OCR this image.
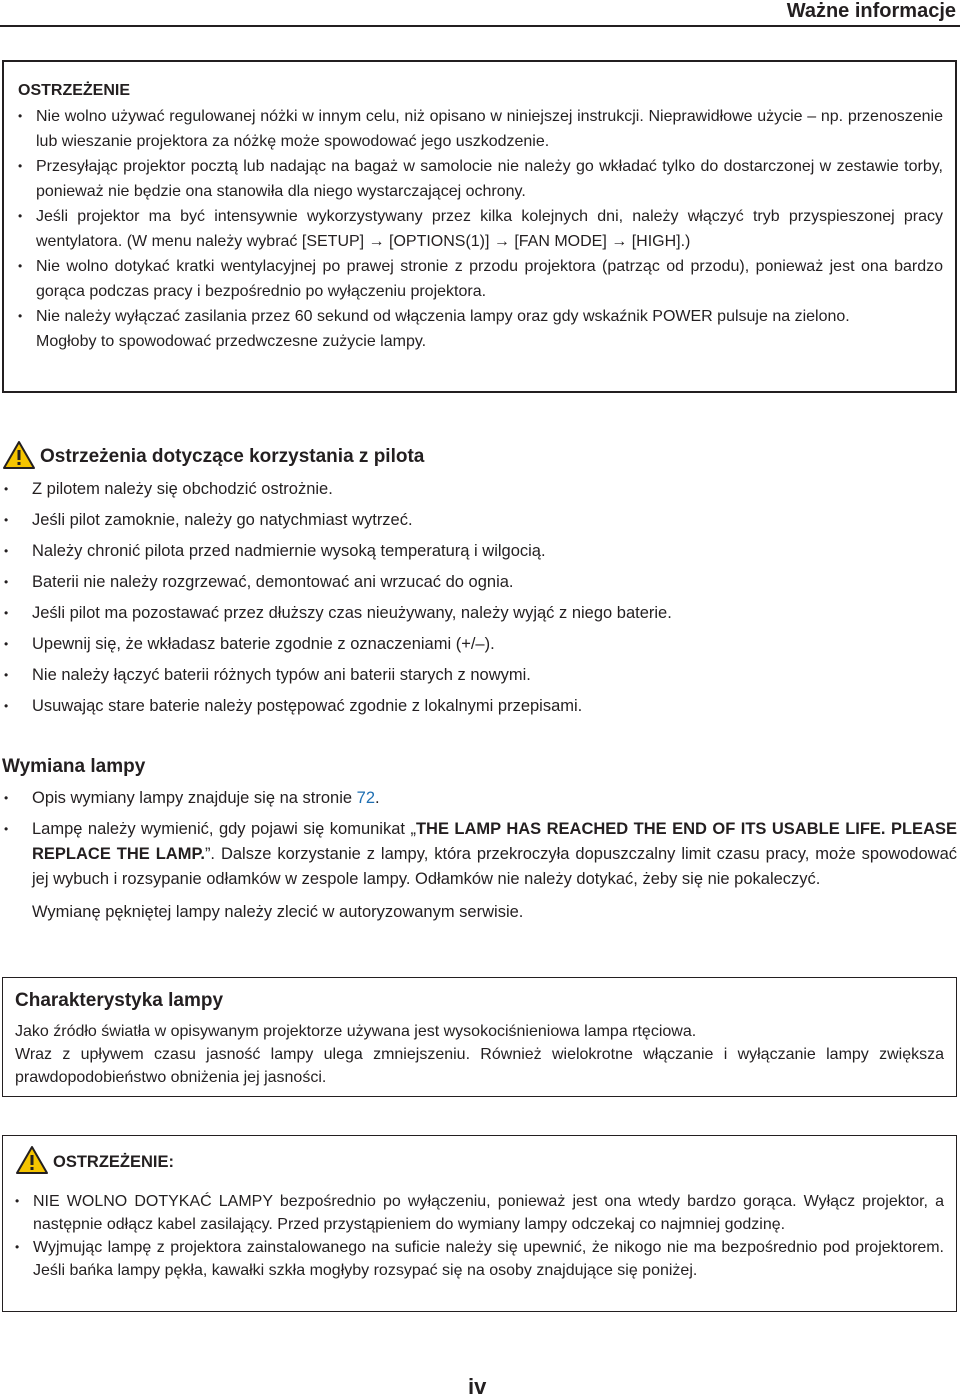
Ważne informacje
OSTRZEŻENIE
• Nie wolno używać regulowanej nóżki w innym celu, niż opisano w niniejszej instrukcji. Nieprawidłowe użycie – np. przenoszenie lub wieszanie projektora za nóżkę może spowodować jego uszkodzenie.
• Przesyłając projektor pocztą lub nadając na bagaż w samolocie nie należy go wkładać tylko do dostarczonej w zestawie torby, ponieważ nie będzie ona stanowiła dla niego wystarczającej ochrony.
• Jeśli projektor ma być intensywnie wykorzystywany przez kilka kolejnych dni, należy włączyć tryb przyspieszonej pracy wentylatora. (W menu należy wybrać [SETUP] → [OPTIONS(1)] → [FAN MODE] → [HIGH].)
• Nie wolno dotykać kratki wentylacyjnej po prawej stronie z przodu projektora (patrząc od przodu), ponieważ jest ona bardzo gorąca podczas pracy i bezpośrednio po wyłączeniu projektora.
• Nie należy wyłączać zasilania przez 60 sekund od włączenia lampy oraz gdy wskaźnik POWER pulsuje na zielono.
Mogłoby to spowodować przedwczesne zużycie lampy.
Ostrzeżenia dotyczące korzystania z pilota
• Z pilotem należy się obchodzić ostrożnie.
• Jeśli pilot zamoknie, należy go natychmiast wytrzeć.
• Należy chronić pilota przed nadmiernie wysoką temperaturą i wilgocią.
• Baterii nie należy rozgrzewać, demontować ani wrzucać do ognia.
• Jeśli pilot ma pozostawać przez dłuższy czas nieużywany, należy wyjąć z niego baterie.
• Upewnij się, że wkładasz baterie zgodnie z oznaczeniami (+/–).
• Nie należy łączyć baterii różnych typów ani baterii starych z nowymi.
• Usuwając stare baterie należy postępować zgodnie z lokalnymi przepisami.
Wymiana lampy
• Opis wymiany lampy znajduje się na stronie 72.
• Lampę należy wymienić, gdy pojawi się komunikat „THE LAMP HAS REACHED THE END OF ITS USABLE LIFE. PLEASE REPLACE THE LAMP.”. Dalsze korzystanie z lampy, która przekroczyła dopuszczalny limit czasu pracy, może spowodować jej wybuch i rozsypanie odłamków w zespole lampy. Odłamków nie należy dotykać, żeby się nie pokaleczyć.
Wymianę pękniętej lampy należy zlecić w autoryzowanym serwisie.
Charakterystyka lampy
Jako źródło światła w opisywanym projektorze używana jest wysokociśnieniowa lampa rtęciowa.
Wraz z upływem czasu jasność lampy ulega zmniejszeniu. Również wielokrotne włączanie i wyłączanie lampy zwiększa prawdopodobieństwo obniżenia jej jasności.
OSTRZEŻENIE:
• NIE WOLNO DOTYKAĆ LAMPY bezpośrednio po wyłączeniu, ponieważ jest ona wtedy bardzo gorąca. Wyłącz projektor, a następnie odłącz kabel zasilający. Przed przystąpieniem do wymiany lampy odczekaj co najmniej godzinę.
• Wyjmując lampę z projektora zainstalowanego na suficie należy się upewnić, że nikogo nie ma bezpośrednio pod projektorem. Jeśli bańka lampy pękła, kawałki szkła mogłyby rozsypać się na osoby znajdujące się poniżej.
iv
